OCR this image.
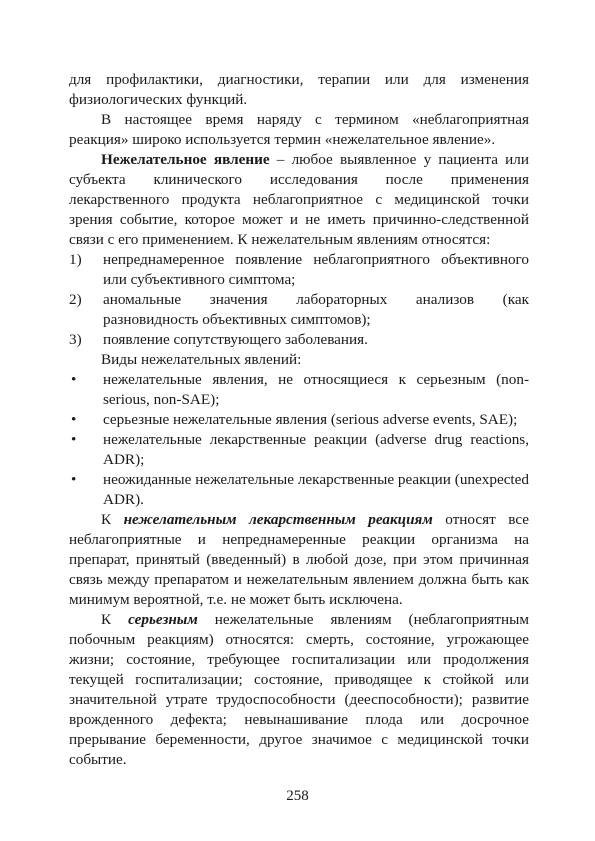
для профилактики, диагностики, терапии или для изменения физиологических функций.

В настоящее время наряду с термином «неблагоприятная реакция» широко используется термин «нежелательное явление».

Нежелательное явление – любое выявленное у пациента или субъекта клинического исследования после применения лекарственного продукта неблагоприятное с медицинской точки зрения событие, которое может и не иметь причинно-следственной связи с его применением. К нежелательным явлениям относятся:

1)	непреднамеренное появление неблагоприятного объективного или субъективного симптома;
2)	аномальные значения лабораторных анализов (как разновидность объективных симптомов);
3)	появление сопутствующего заболевания.

Виды нежелательных явлений:

•	нежелательные явления, не относящиеся к серьезным (non-serious, non-SAE);
•	серьезные нежелательные явления (serious adverse events, SAE);
•	нежелательные лекарственные реакции (adverse drug reactions, ADR);
•	неожиданные нежелательные лекарственные реакции (unexpected ADR).

К нежелательным лекарственным реакциям относят все неблагоприятные и непреднамеренные реакции организма на препарат, принятый (введенный) в любой дозе, при этом причинная связь между препаратом и нежелательным явлением должна быть как минимум вероятной, т.е. не может быть исключена.

К серьезным нежелательные явлениям (неблагоприятным побочным реакциям) относятся: смерть, состояние, угрожающее жизни; состояние, требующее госпитализации или продолжения текущей госпитализации; состояние, приводящее к стойкой или значительной утрате трудоспособности (дееспособности); развитие врожденного дефекта; невынашивание плода или досрочное прерывание беременности, другое значимое с медицинской точки событие.

258
